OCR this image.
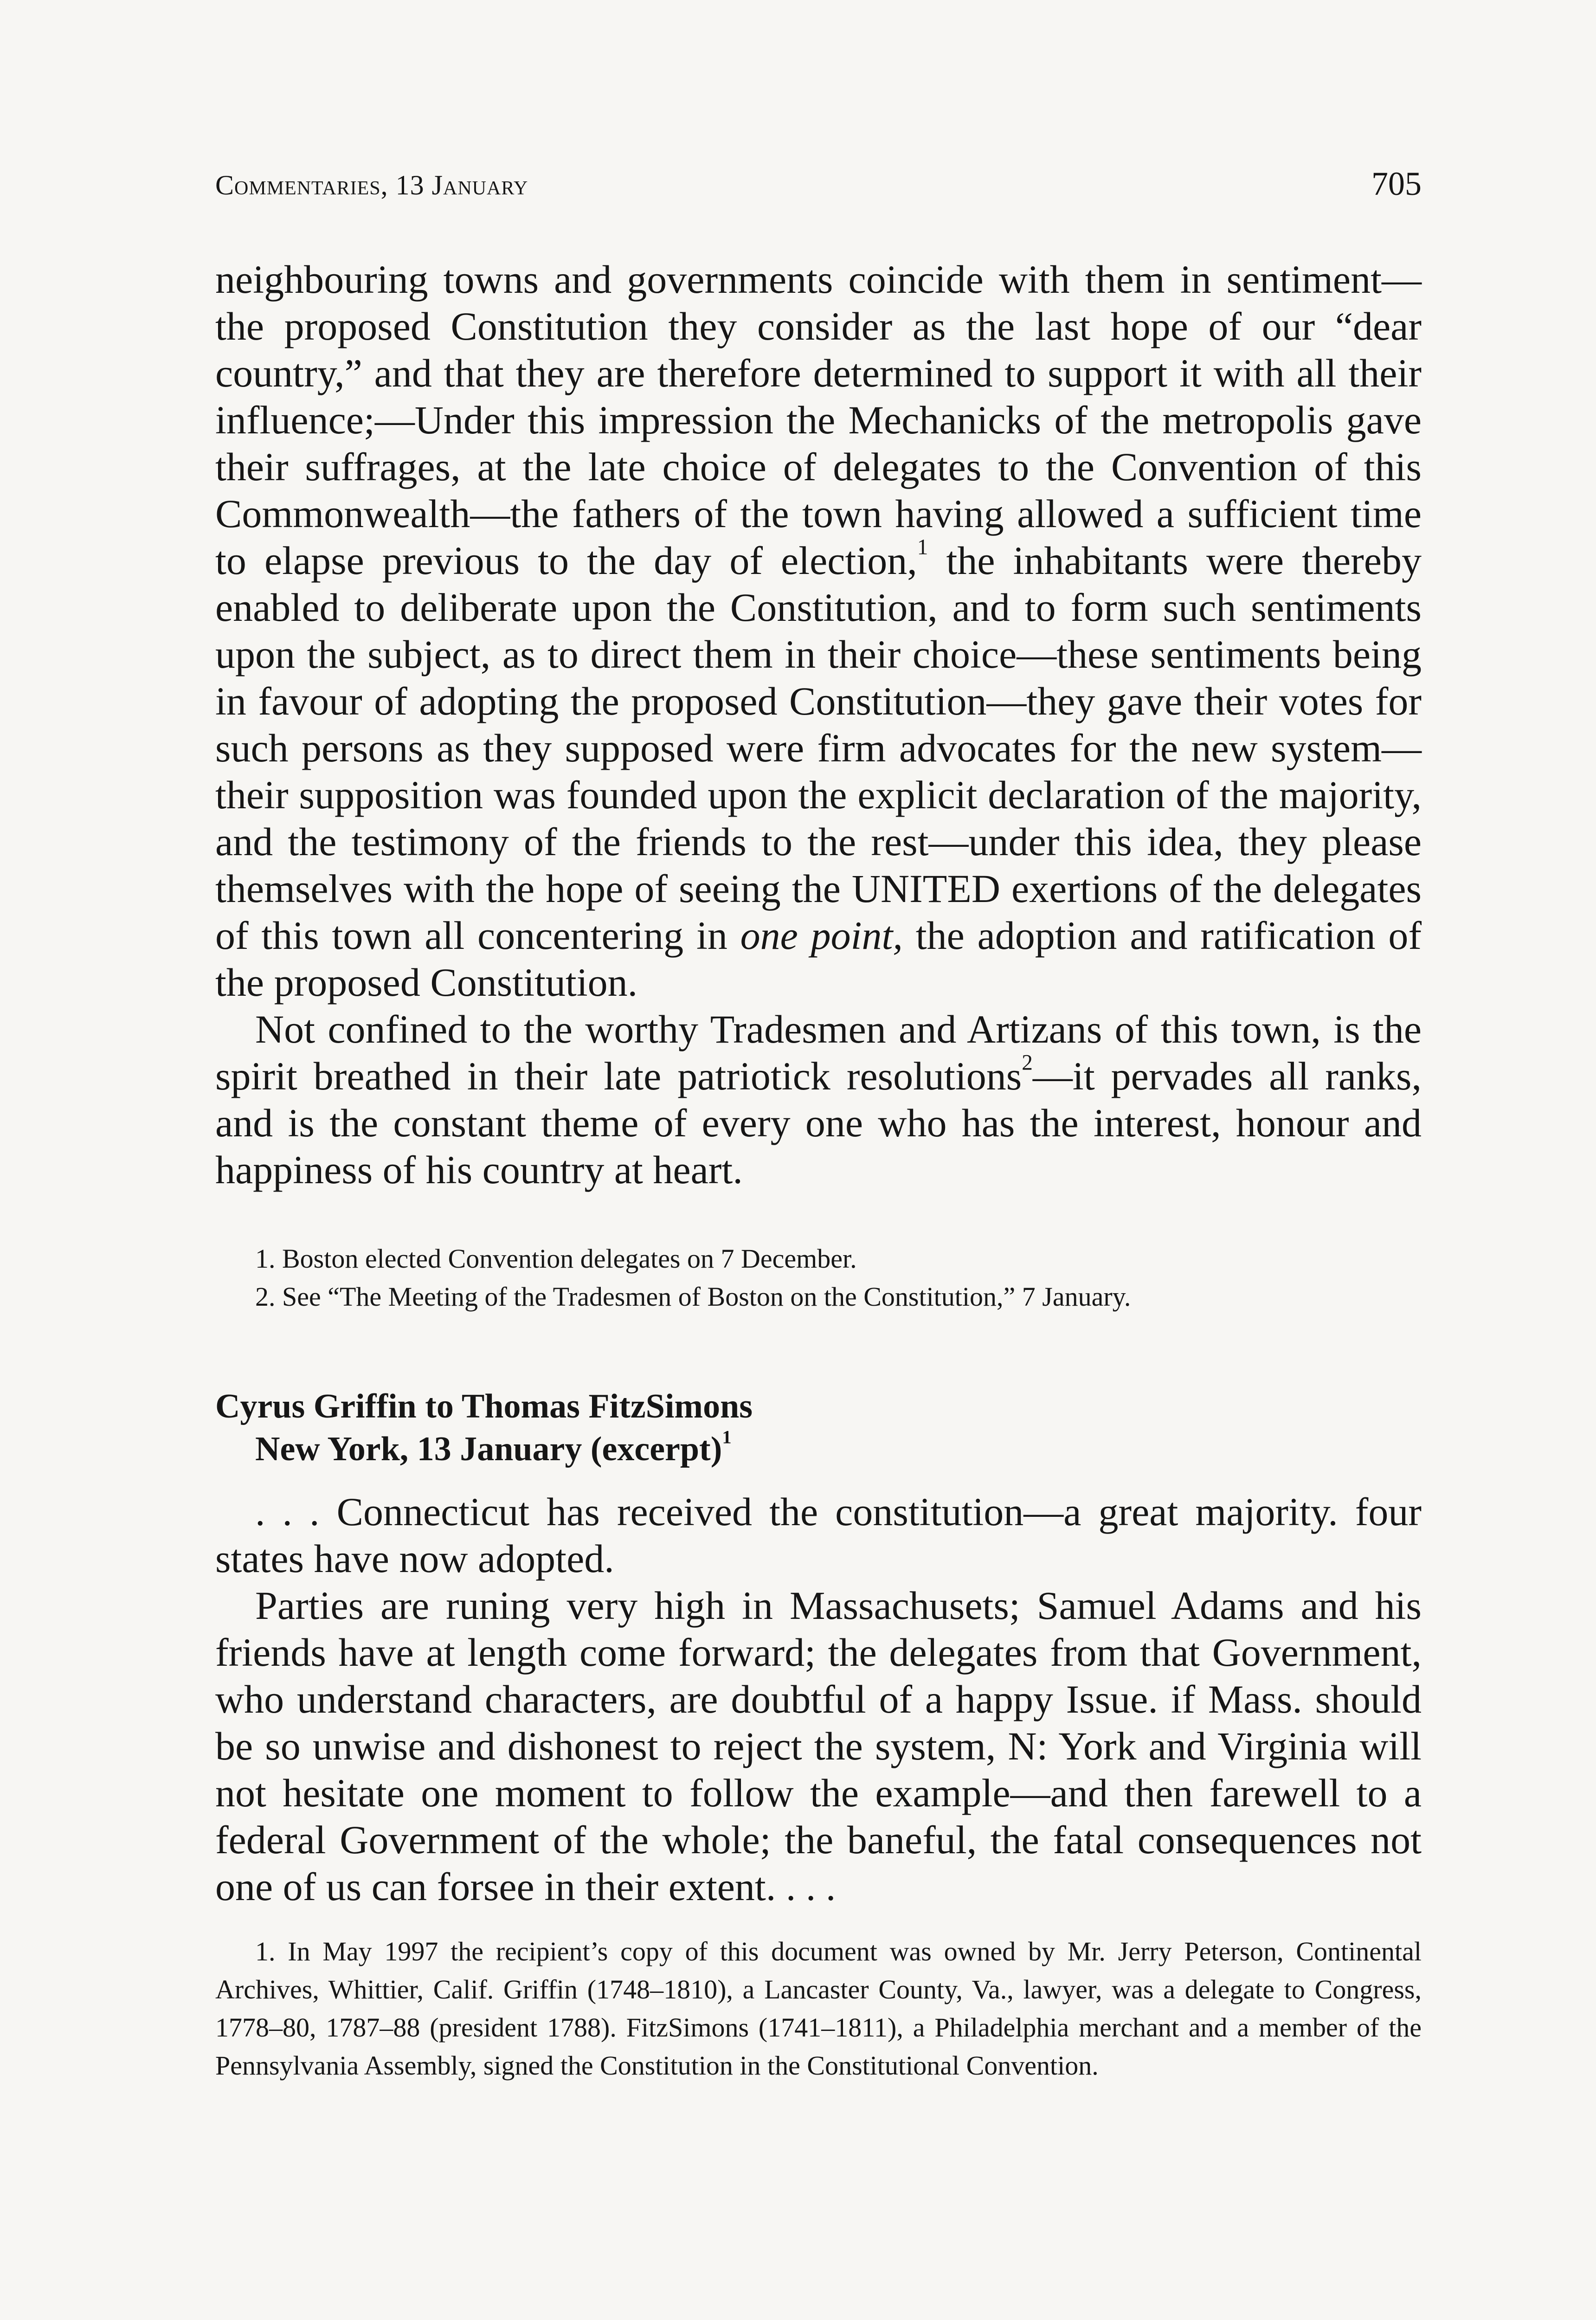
Commentaries, 13 January	705

neighbouring towns and governments coincide with them in sentiment—the proposed Constitution they consider as the last hope of our “dear country,” and that they are therefore determined to support it with all their influence;—Under this impression the Mechanicks of the metropolis gave their suffrages, at the late choice of delegates to the Convention of this Commonwealth—the fathers of the town having allowed a sufficient time to elapse previous to the day of election,$^1$ the inhabitants were thereby enabled to deliberate upon the Constitution, and to form such sentiments upon the subject, as to direct them in their choice—these sentiments being in favour of adopting the proposed Constitution—they gave their votes for such persons as they supposed were firm advocates for the new system—their supposition was founded upon the explicit declaration of the majority, and the testimony of the friends to the rest—under this idea, they please themselves with the hope of seeing the UNITED exertions of the delegates of this town all concentering in one point, the adoption and ratification of the proposed Constitution.

Not confined to the worthy Tradesmen and Artizans of this town, is the spirit breathed in their late patriotick resolutions$^2$—it pervades all ranks, and is the constant theme of every one who has the interest, honour and happiness of his country at heart.

1. Boston elected Convention delegates on 7 December.

2. See “The Meeting of the Tradesmen of Boston on the Constitution,” 7 January.

Cyrus Griffin to Thomas FitzSimons
New York, 13 January (excerpt)$^1$

. . . Connecticut has received the constitution—a great majority. four states have now adopted.

Parties are runing very high in Massachusets; Samuel Adams and his friends have at length come forward; the delegates from that Government, who understand characters, are doubtful of a happy Issue. if Mass. should be so unwise and dishonest to reject the system, N: York and Virginia will not hesitate one moment to follow the example—and then farewell to a federal Government of the whole; the baneful, the fatal consequences not one of us can forsee in their extent. . . .

1. In May 1997 the recipient’s copy of this document was owned by Mr. Jerry Peterson, Continental Archives, Whittier, Calif. Griffin (1748–1810), a Lancaster County, Va., lawyer, was a delegate to Congress, 1778–80, 1787–88 (president 1788). FitzSimons (1741–1811), a Philadelphia merchant and a member of the Pennsylvania Assembly, signed the Constitution in the Constitutional Convention.
